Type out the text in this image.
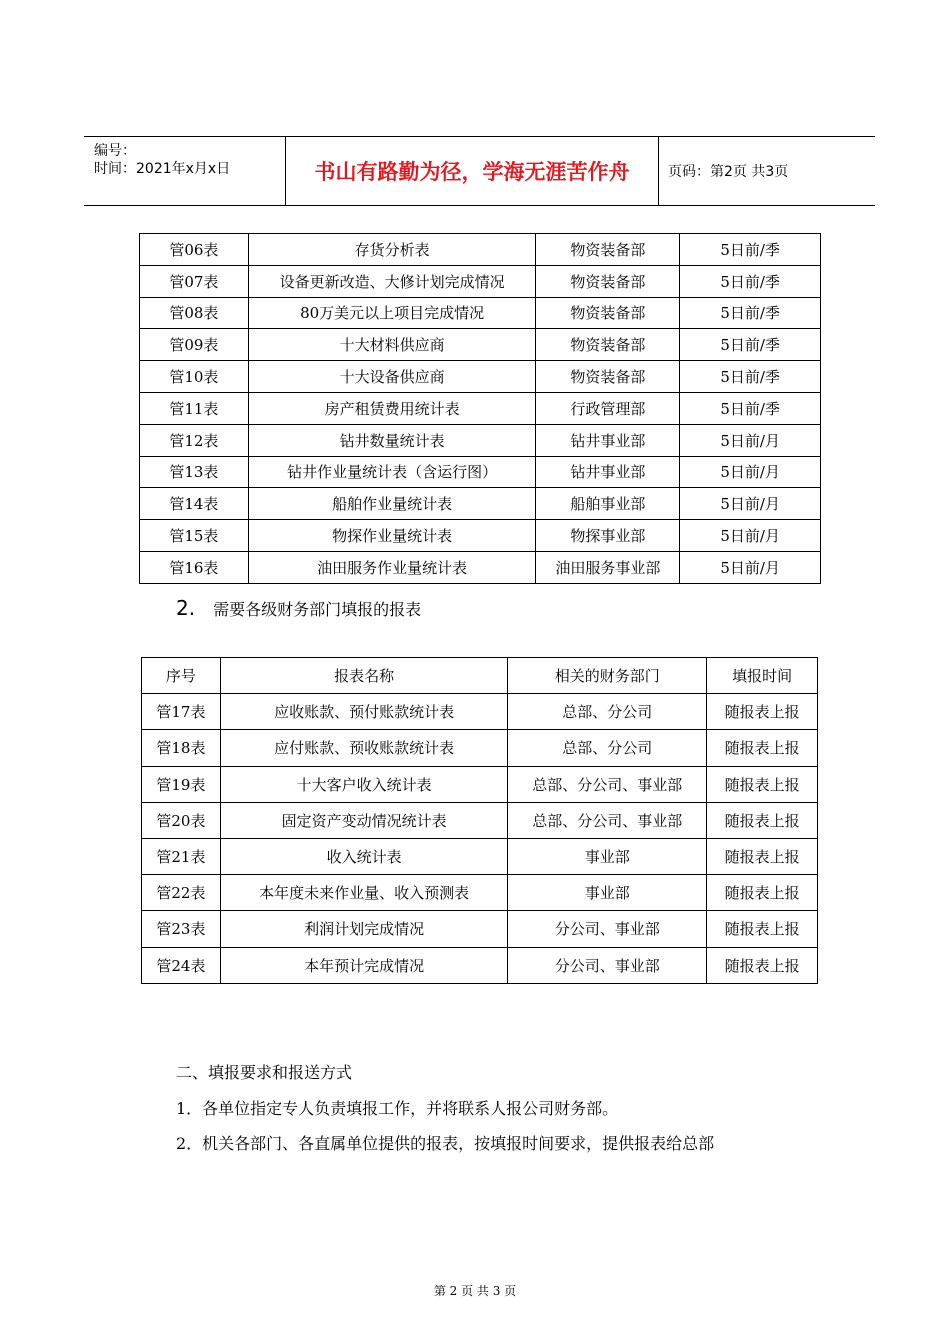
编号：
时间：2021年x月x日	书山有路勤为径，学海无涯苦作舟	页码：第2页 共3页
管06表	存货分析表	物资装备部	5日前/季
管07表	设备更新改造、大修计划完成情况	物资装备部	5日前/季
管08表	80万美元以上项目完成情况	物资装备部	5日前/季
管09表	十大材料供应商	物资装备部	5日前/季
管10表	十大设备供应商	物资装备部	5日前/季
管11表	房产租赁费用统计表	行政管理部	5日前/季
管12表	钻井数量统计表	钻井事业部	5日前/月
管13表	钻井作业量统计表（含运行图）	钻井事业部	5日前/月
管14表	船舶作业量统计表	船舶事业部	5日前/月
管15表	物探作业量统计表	物探事业部	5日前/月
管16表	油田服务作业量统计表	油田服务事业部	5日前/月
2. 需要各级财务部门填报的报表
序号	报表名称	相关的财务部门	填报时间
管17表	应收账款、预付账款统计表	总部、分公司	随报表上报
管18表	应付账款、预收账款统计表	总部、分公司	随报表上报
管19表	十大客户收入统计表	总部、分公司、事业部	随报表上报
管20表	固定资产变动情况统计表	总部、分公司、事业部	随报表上报
管21表	收入统计表	事业部	随报表上报
管22表	本年度未来作业量、收入预测表	事业部	随报表上报
管23表	利润计划完成情况	分公司、事业部	随报表上报
管24表	本年预计完成情况	分公司、事业部	随报表上报
二、填报要求和报送方式
1．各单位指定专人负责填报工作，并将联系人报公司财务部。
2．机关各部门、各直属单位提供的报表，按填报时间要求，提供报表给总部
第 2 页 共 3 页
